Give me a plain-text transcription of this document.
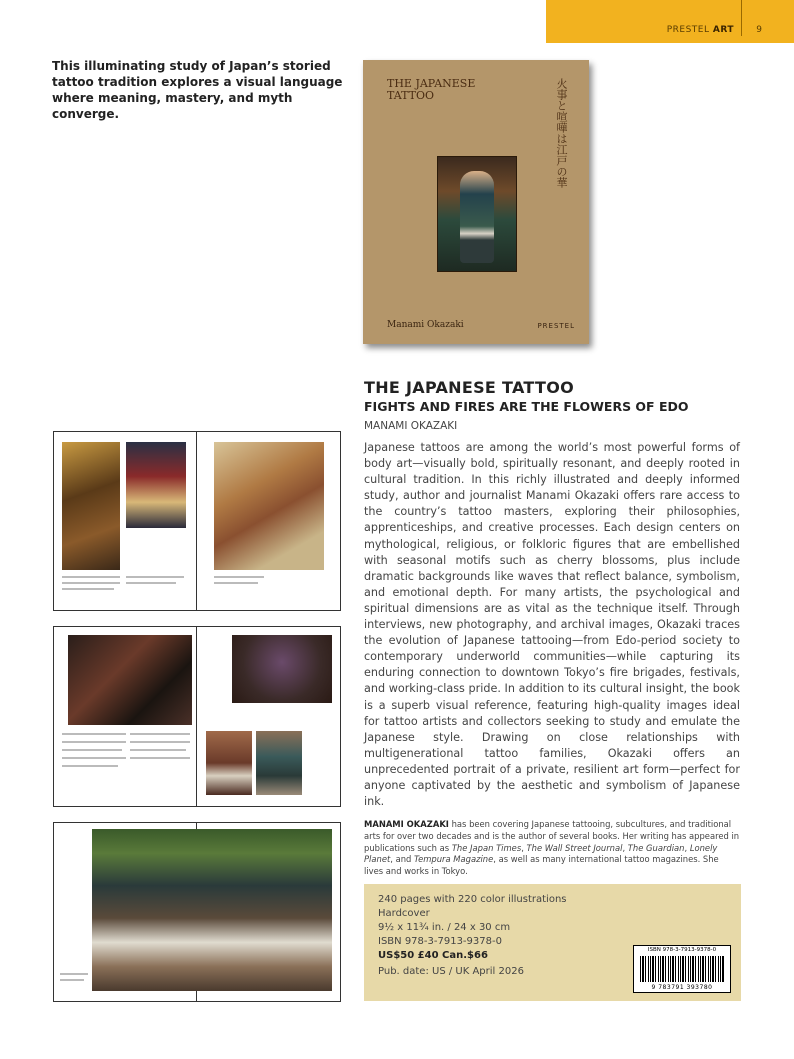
PRESTEL ART 9
This illuminating study of Japan’s storied tattoo tradition explores a visual language where meaning, mastery, and myth converge.
THE JAPANESE TATTOO	火事と喧嘩は江戸の華
Manami Okazaki	PRESTEL
THE JAPANESE TATTOO
FIGHTS AND FIRES ARE THE FLOWERS OF EDO
MANAMI OKAZAKI
Japanese tattoos are among the world’s most powerful forms of body art—visually bold, spiritually resonant, and deeply rooted in cultural tradition. In this richly illustrated and deeply informed study, author and journalist Manami Okazaki offers rare access to the country’s tattoo masters, exploring their philosophies, apprenticeships, and creative processes. Each design centers on mythological, religious, or folkloric figures that are embellished with seasonal motifs such as cherry blossoms, plus include dramatic backgrounds like waves that reflect balance, symbolism, and emotional depth. For many artists, the psychological and spiritual dimensions are as vital as the technique itself. Through interviews, new photography, and archival images, Okazaki traces the evolution of Japanese tattooing—from Edo-period society to contemporary underworld communities—while capturing its enduring connection to downtown Tokyo’s fire brigades, festivals, and working-class pride. In addition to its cultural insight, the book is a superb visual reference, featuring high-quality images ideal for tattoo artists and collectors seeking to study and emulate the Japanese style. Drawing on close relationships with multigenerational tattoo families, Okazaki offers an unprecedented portrait of a private, resilient art form—perfect for anyone captivated by the aesthetic and symbolism of Japanese ink.
MANAMI OKAZAKI has been covering Japanese tattooing, subcultures, and traditional arts for over two decades and is the author of several books. Her writing has appeared in publications such as The Japan Times, The Wall Street Journal, The Guardian, Lonely Planet, and Tempura Magazine, as well as many international tattoo magazines. She lives and works in Tokyo.
240 pages with 220 color illustrations
Hardcover
9½ x 11¾ in. / 24 x 30 cm
ISBN 978-3-7913-9378-0
US$50 £40 Can.$66
Pub. date: US / UK April 2026
ISBN 978-3-7913-9378-0
9 783791 393780
